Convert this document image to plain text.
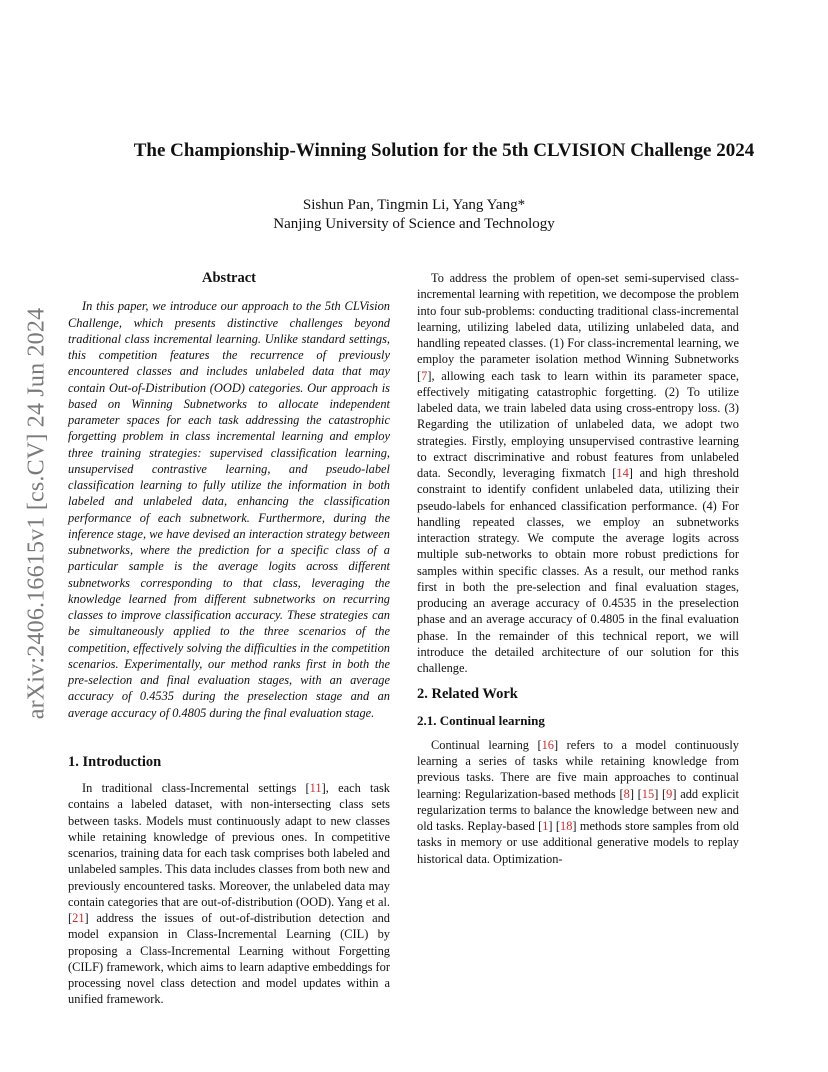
arXiv:2406.16615v1 [cs.CV] 24 Jun 2024
The Championship-Winning Solution for the 5th CLVISION Challenge 2024
Sishun Pan, Tingmin Li, Yang Yang*
Nanjing University of Science and Technology
Abstract

In this paper, we introduce our approach to the 5th CLVision Challenge, which presents distinctive challenges beyond traditional class incremental learning. Unlike standard settings, this competition features the recurrence of previously encountered classes and includes unlabeled data that may contain Out-of-Distribution (OOD) categories. Our approach is based on Winning Subnetworks to allocate independent parameter spaces for each task addressing the catastrophic forgetting problem in class incremental learning and employ three training strategies: supervised classification learning, unsupervised contrastive learning, and pseudo-label classification learning to fully utilize the information in both labeled and unlabeled data, enhancing the classification performance of each subnetwork. Furthermore, during the inference stage, we have devised an interaction strategy between subnetworks, where the prediction for a specific class of a particular sample is the average logits across different subnetworks corresponding to that class, leveraging the knowledge learned from different subnetworks on recurring classes to improve classification accuracy. These strategies can be simultaneously applied to the three scenarios of the competition, effectively solving the difficulties in the competition scenarios. Experimentally, our method ranks first in both the pre-selection and final evaluation stages, with an average accuracy of 0.4535 during the preselection stage and an average accuracy of 0.4805 during the final evaluation stage.

1. Introduction

In traditional class-Incremental settings [11], each task contains a labeled dataset, with non-intersecting class sets between tasks. Models must continuously adapt to new classes while retaining knowledge of previous ones. In competitive scenarios, training data for each task comprises both labeled and unlabeled samples. This data includes classes from both new and previously encountered tasks. Moreover, the unlabeled data may contain categories that are out-of-distribution (OOD). Yang et al. [21] address the issues of out-of-distribution detection and model expansion in Class-Incremental Learning (CIL) by proposing a Class-Incremental Learning without Forgetting (CILF) framework, which aims to learn adaptive embeddings for processing novel class detection and model updates within a unified framework.

To address the problem of open-set semi-supervised class-incremental learning with repetition, we decompose the problem into four sub-problems: conducting traditional class-incremental learning, utilizing labeled data, utilizing unlabeled data, and handling repeated classes. (1) For class-incremental learning, we employ the parameter isolation method Winning Subnetworks [7], allowing each task to learn within its parameter space, effectively mitigating catastrophic forgetting. (2) To utilize labeled data, we train labeled data using cross-entropy loss. (3) Regarding the utilization of unlabeled data, we adopt two strategies. Firstly, employing unsupervised contrastive learning to extract discriminative and robust features from unlabeled data. Secondly, leveraging fixmatch [14] and high threshold constraint to identify confident unlabeled data, utilizing their pseudo-labels for enhanced classification performance. (4) For handling repeated classes, we employ an subnetworks interaction strategy. We compute the average logits across multiple sub-networks to obtain more robust predictions for samples within specific classes. As a result, our method ranks first in both the pre-selection and final evaluation stages, producing an average accuracy of 0.4535 in the preselection phase and an average accuracy of 0.4805 in the final evaluation phase. In the remainder of this technical report, we will introduce the detailed architecture of our solution for this challenge.

2. Related Work
2.1. Continual learning

Continual learning [16] refers to a model continuously learning a series of tasks while retaining knowledge from previous tasks. There are five main approaches to continual learning: Regularization-based methods [8] [15] [9] add explicit regularization terms to balance the knowledge between new and old tasks. Replay-based [1] [18] methods store samples from old tasks in memory or use additional generative models to replay historical data. Optimization-
